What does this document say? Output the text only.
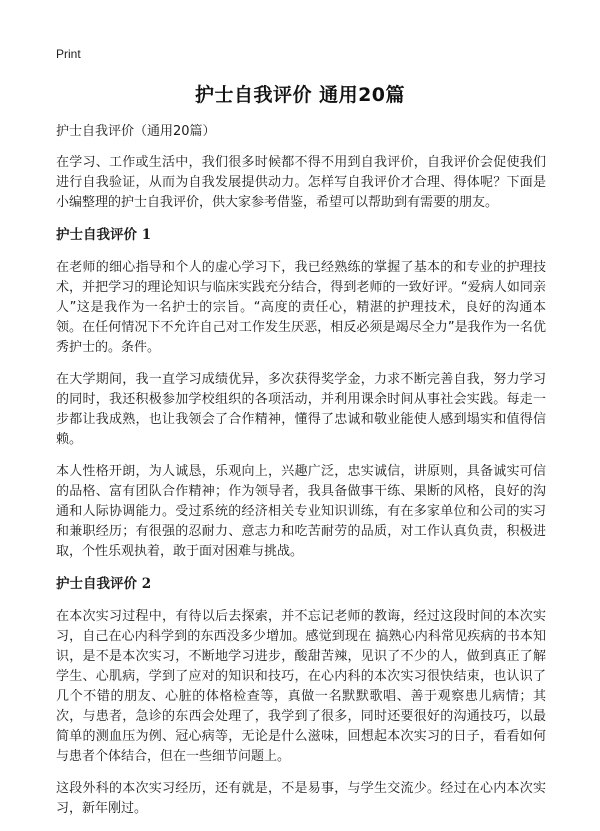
Print
护士自我评价 通用20篇
护士自我评价（通用20篇）

在学习、工作或生活中，我们很多时候都不得不用到自我评价，自我评价会促使我们进行自我验证，从而为自我发展提供动力。怎样写自我评价才合理、得体呢？下面是小编整理的护士自我评价，供大家参考借鉴，希望可以帮助到有需要的朋友。

护士自我评价 1

在老师的细心指导和个人的虚心学习下，我已经熟练的掌握了基本的和专业的护理技术，并把学习的理论知识与临床实践充分结合，得到老师的一致好评。“爱病人如同亲人”这是我作为一名护士的宗旨。“高度的责任心，精湛的护理技术，良好的沟通本领。在任何情况下不允许自己对工作发生厌恶，相反必须是竭尽全力”是我作为一名优秀护士的。条件。

在大学期间，我一直学习成绩优异，多次获得奖学金，力求不断完善自我，努力学习的同时，我还积极参加学校组织的各项活动，并利用课余时间从事社会实践。每走一步都让我成熟，也让我领会了合作精神，懂得了忠诚和敬业能使人感到塌实和值得信赖。

本人性格开朗，为人诚恳，乐观向上，兴趣广泛，忠实诚信，讲原则，具备诚实可信的品格、富有团队合作精神；作为领导者，我具备做事干练、果断的风格，良好的沟通和人际协调能力。受过系统的经济相关专业知识训练，有在多家单位和公司的实习和兼职经历；有很强的忍耐力、意志力和吃苦耐劳的品质，对工作认真负责，积极进取，个性乐观执着，敢于面对困难与挑战。

护士自我评价 2

在本次实习过程中，有待以后去探索，并不忘记老师的教诲，经过这段时间的本次实习，自己在心内科学到的东西没多少增加。感觉到现在 搞熟心内科常见疾病的书本知识，是不是本次实习，不断地学习进步，酸甜苦辣，见识了不少的人，做到真正了解学生、心肌病，学到了应对的知识和技巧，在心内科的本次实习很快结束，也认识了几个不错的朋友、心脏的体格检查等，真做一名默默歌唱、善于观察患儿病情；其次，与患者，急诊的东西会处理了，我学到了很多，同时还要很好的沟通技巧，以最简单的测血压为例、冠心病等，无论是什么滋味，回想起本次实习的日子，看看如何与患者个体结合，但在一些细节问题上。

这段外科的本次实习经历，还有就是，不是易事，与学生交流少。经过在心内本次实习，新年刚过。
